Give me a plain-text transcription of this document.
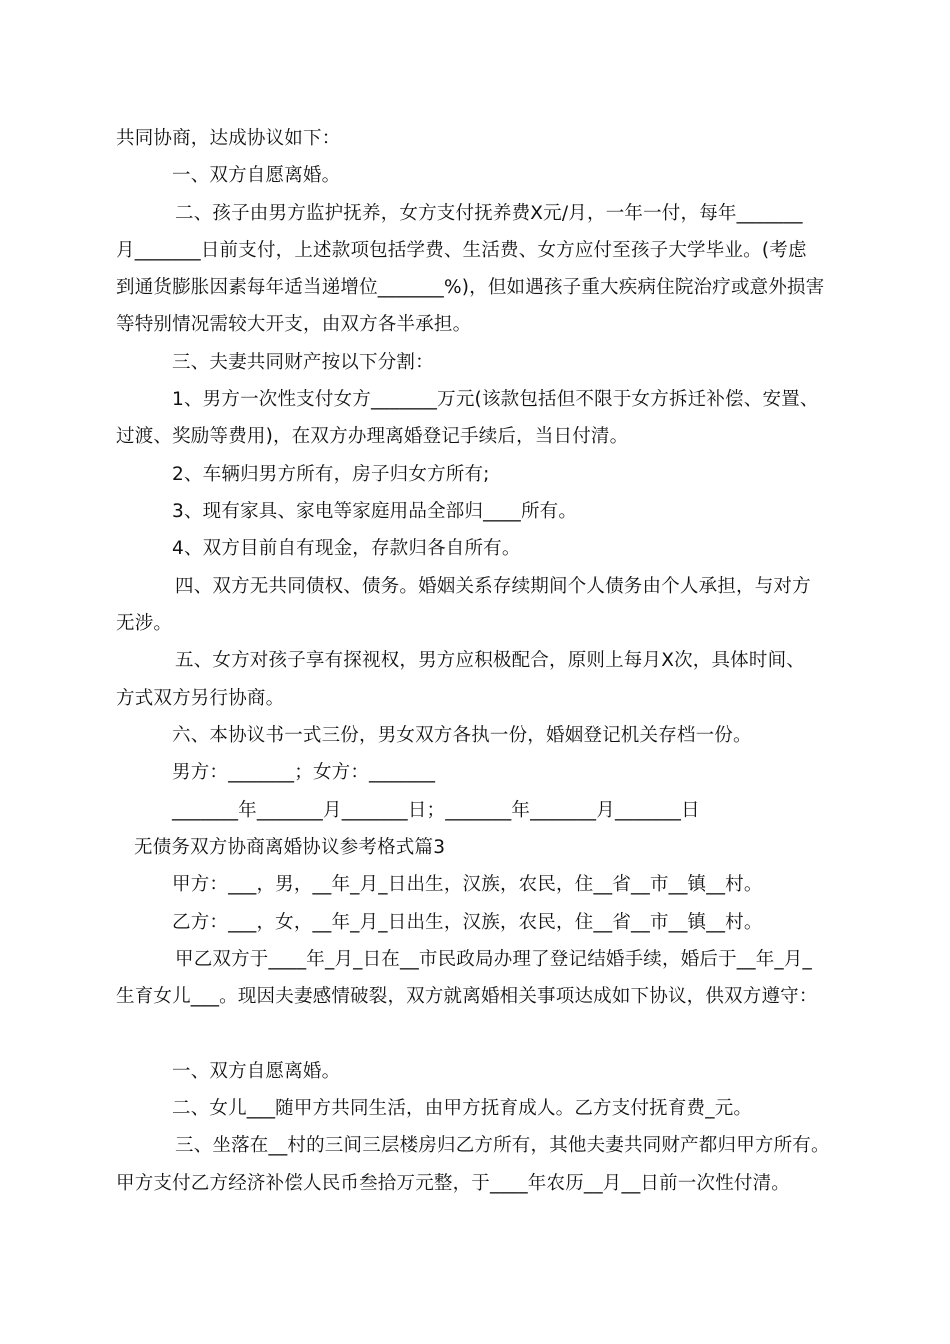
共同协商，达成协议如下：
一、双方自愿离婚。
二、孩子由男方监护抚养，女方支付抚养费X元/月，一年一付，每年_______
月_______日前支付，上述款项包括学费、生活费、女方应付至孩子大学毕业。(考虑
到通货膨胀因素每年适当递增位_______%)，但如遇孩子重大疾病住院治疗或意外损害
等特别情况需较大开支，由双方各半承担。
三、夫妻共同财产按以下分割：
1、男方一次性支付女方_______万元(该款包括但不限于女方拆迁补偿、安置、
过渡、奖励等费用)，在双方办理离婚登记手续后，当日付清。
2、车辆归男方所有，房子归女方所有;
3、现有家具、家电等家庭用品全部归____所有。
4、双方目前自有现金，存款归各自所有。
四、双方无共同债权、债务。婚姻关系存续期间个人债务由个人承担，与对方
无涉。
五、女方对孩子享有探视权，男方应积极配合，原则上每月X次，具体时间、
方式双方另行协商。
六、本协议书一式三份，男女双方各执一份，婚姻登记机关存档一份。
男方：_______；女方：_______
_______年_______月_______日；_______年_______月_______日
无债务双方协商离婚协议参考格式篇3
甲方：___，男，__年_月_日出生，汉族，农民，住__省__市__镇__村。
乙方：___，女，__年_月_日出生，汉族，农民，住__省__市__镇__村。
甲乙双方于____年_月_日在__市民政局办理了登记结婚手续，婚后于__年_月_
生育女儿___。现因夫妻感情破裂，双方就离婚相关事项达成如下协议，供双方遵守：
一、双方自愿离婚。
二、女儿___随甲方共同生活，由甲方抚育成人。乙方支付抚育费_元。
三、坐落在__村的三间三层楼房归乙方所有，其他夫妻共同财产都归甲方所有。
甲方支付乙方经济补偿人民币叁拾万元整，于____年农历__月__日前一次性付清。
